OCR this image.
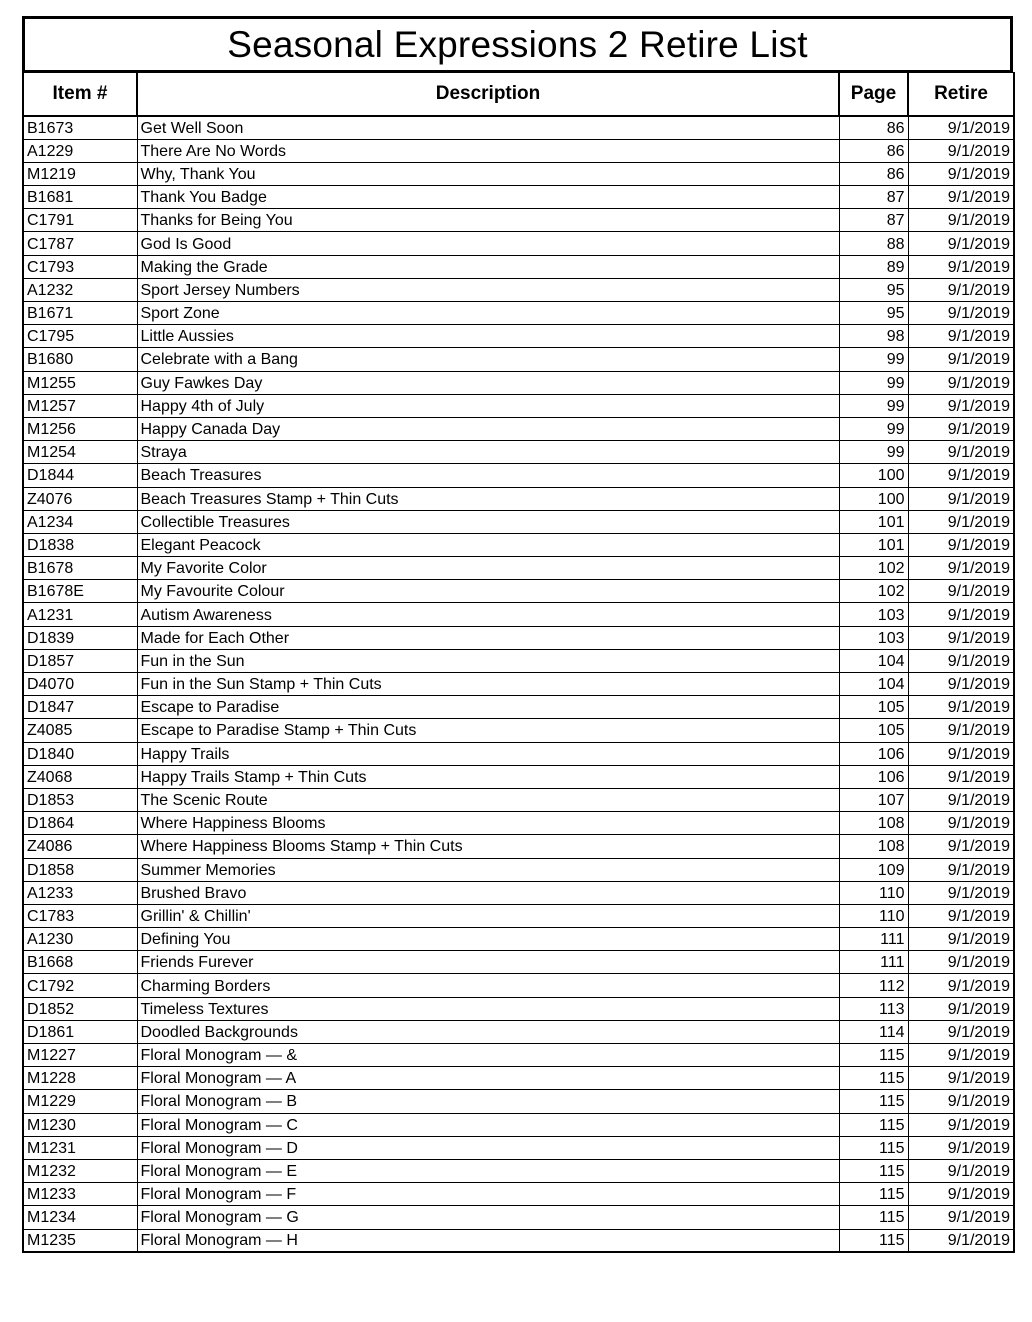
Seasonal Expressions 2 Retire List
Item #	Description	Page	Retire
B1673	Get Well Soon	86	9/1/2019
A1229	There Are No Words	86	9/1/2019
M1219	Why, Thank You	86	9/1/2019
B1681	Thank You Badge	87	9/1/2019
C1791	Thanks for Being You	87	9/1/2019
C1787	God Is Good	88	9/1/2019
C1793	Making the Grade	89	9/1/2019
A1232	Sport Jersey Numbers	95	9/1/2019
B1671	Sport Zone	95	9/1/2019
C1795	Little Aussies	98	9/1/2019
B1680	Celebrate with a Bang	99	9/1/2019
M1255	Guy Fawkes Day	99	9/1/2019
M1257	Happy 4th of July	99	9/1/2019
M1256	Happy Canada Day	99	9/1/2019
M1254	Straya	99	9/1/2019
D1844	Beach Treasures	100	9/1/2019
Z4076	Beach Treasures Stamp + Thin Cuts	100	9/1/2019
A1234	Collectible Treasures	101	9/1/2019
D1838	Elegant Peacock	101	9/1/2019
B1678	My Favorite Color	102	9/1/2019
B1678E	My Favourite Colour	102	9/1/2019
A1231	Autism Awareness	103	9/1/2019
D1839	Made for Each Other	103	9/1/2019
D1857	Fun in the Sun	104	9/1/2019
D4070	Fun in the Sun Stamp + Thin Cuts	104	9/1/2019
D1847	Escape to Paradise	105	9/1/2019
Z4085	Escape to Paradise Stamp + Thin Cuts	105	9/1/2019
D1840	Happy Trails	106	9/1/2019
Z4068	Happy Trails Stamp + Thin Cuts	106	9/1/2019
D1853	The Scenic Route	107	9/1/2019
D1864	Where Happiness Blooms	108	9/1/2019
Z4086	Where Happiness Blooms Stamp + Thin Cuts	108	9/1/2019
D1858	Summer Memories	109	9/1/2019
A1233	Brushed Bravo	110	9/1/2019
C1783	Grillin' & Chillin'	110	9/1/2019
A1230	Defining You	111	9/1/2019
B1668	Friends Furever	111	9/1/2019
C1792	Charming Borders	112	9/1/2019
D1852	Timeless Textures	113	9/1/2019
D1861	Doodled Backgrounds	114	9/1/2019
M1227	Floral Monogram — &	115	9/1/2019
M1228	Floral Monogram — A	115	9/1/2019
M1229	Floral Monogram — B	115	9/1/2019
M1230	Floral Monogram — C	115	9/1/2019
M1231	Floral Monogram — D	115	9/1/2019
M1232	Floral Monogram — E	115	9/1/2019
M1233	Floral Monogram — F	115	9/1/2019
M1234	Floral Monogram — G	115	9/1/2019
M1235	Floral Monogram — H	115	9/1/2019
